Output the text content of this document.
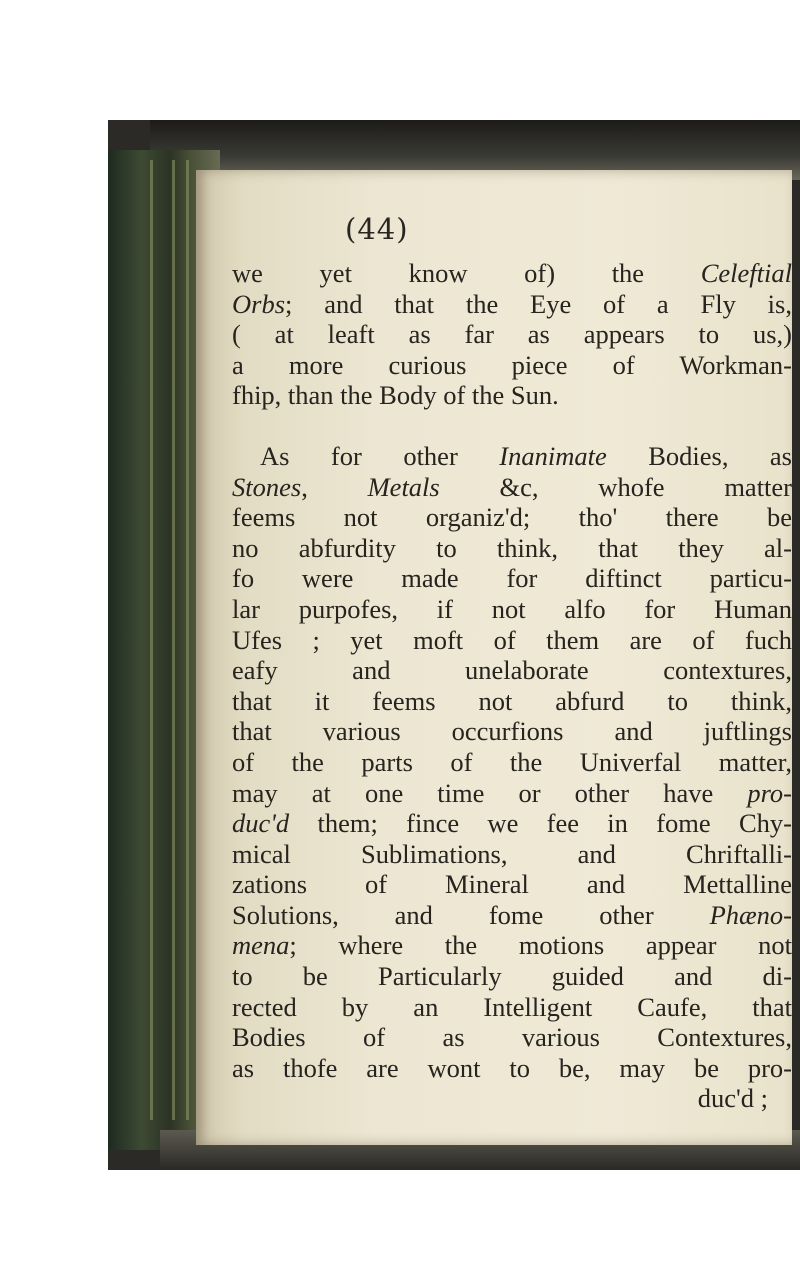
(44)
we yet know of) the Celeftial
Orbs; and that the Eye of a Fly is,
( at leaft as far as appears to us,)
a more curious piece of Workman-
fhip, than the Body of the Sun.
As for other Inanimate Bodies, as
Stones, Metals &c, whofe matter
feems not organiz'd; tho' there be
no abfurdity to think, that they al-
fo were made for diftinct particu-
lar purpofes, if not alfo for Human
Ufes ; yet moft of them are of fuch
eafy and unelaborate contextures,
that it feems not abfurd to think,
that various occurfions and juftlings
of the parts of the Univerfal matter,
may at one time or other have pro-
duc'd them; fince we fee in fome Chy-
mical Sublimations, and Chriftalli-
zations of Mineral and Mettalline
Solutions, and fome other Phæno-
mena; where the motions appear not
to be Particularly guided and di-
rected by an Intelligent Caufe, that
Bodies of as various Contextures,
as thofe are wont to be, may be pro-
duc'd ;
